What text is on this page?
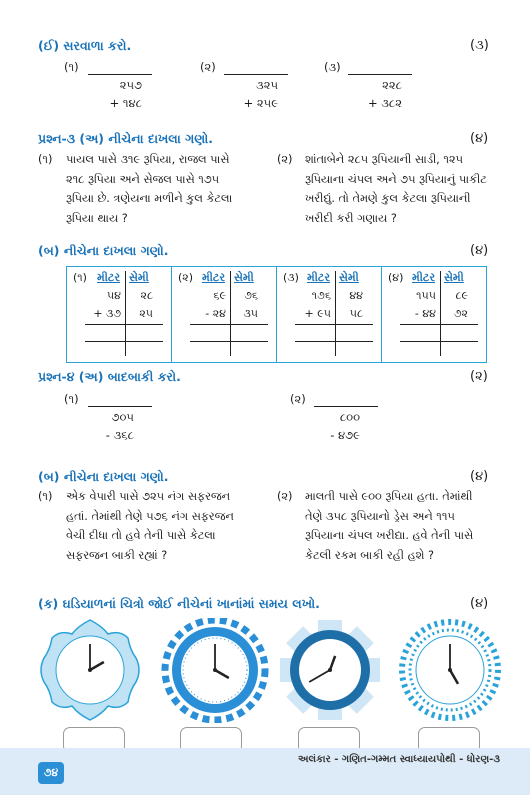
(ઈ) સરવાળા કરો.	(૩)
(૧)
૨૫૭
+ ૧૪૮
(૨)
૩૨૫
+ ૨૫૯
(૩)
૨૨૮
+ ૩૮૨
પ્રશ્ન-૩ (અ) નીચેના દાખલા ગણો.	(૪)
(૧) પાયલ પાસે ૩૧૯ રૂપિયા, રાજલ પાસે
૨૧૮ રૂપિયા અને સેજલ પાસે ૧૭૫
રૂપિયા છે. ત્રણેયના મળીને કુલ કેટલા
રૂપિયા થાય ?
(૨) શાંતાબેને ૨૮૫ રૂપિયાની સાડી, ૧૨૫
રૂપિયાના ચંપલ અને ૭૫ રૂપિયાનું પાકીટ
ખરીદ્યું. તો તેમણે કુલ કેટલા રૂપિયાની
ખરીદી કરી ગણાય ?
(બ) નીચેના દાખલા ગણો.	(૪)
(૧) મીટર સેમી
૫૪	૨૮
+ ૩૭	૨૫
(૨) મીટર સેમી
૬૯	૭૬
- ૨૪	૩૫
(૩) મીટર સેમી
૧૭૬	૪૪
+ ૯૫	૫૮
(૪) મીટર સેમી
૧૫૫	૮૯
- ૪૪	૭૨
પ્રશ્ન-૪ (અ) બાદબાકી કરો.	(૨)
(૧)
૭૦૫
- ૩૬૮
(૨)
૮૦૦
- ૪૭૯
(બ) નીચેના દાખલા ગણો.	(૪)
(૧) એક વેપારી પાસે ૭૨૫ નંગ સફરજન
હતાં. તેમાંથી તેણે ૫૭૬ નંગ સફરજન
વેચી દીધા તો હવે તેની પાસે કેટલા
સફરજન બાકી રહ્યાં ?
(૨) માલતી પાસે ૯૦૦ રૂપિયા હતા. તેમાંથી
તેણે ૩૫૮ રૂપિયાનો ડ્રેસ અને ૧૧૫
રૂપિયાના ચંપલ ખરીદ્યા. હવે તેની પાસે
કેટલી રકમ બાકી રહી હશે ?
(ક) ઘડિયાળનાં ચિત્રો જોઈ નીચેનાં ખાનાંમાં સમય લખો.	(૪)
અલંકાર - ગણિત-ગમ્મત સ્વાધ્યાયપોથી - ધોરણ-૩
૭૪
